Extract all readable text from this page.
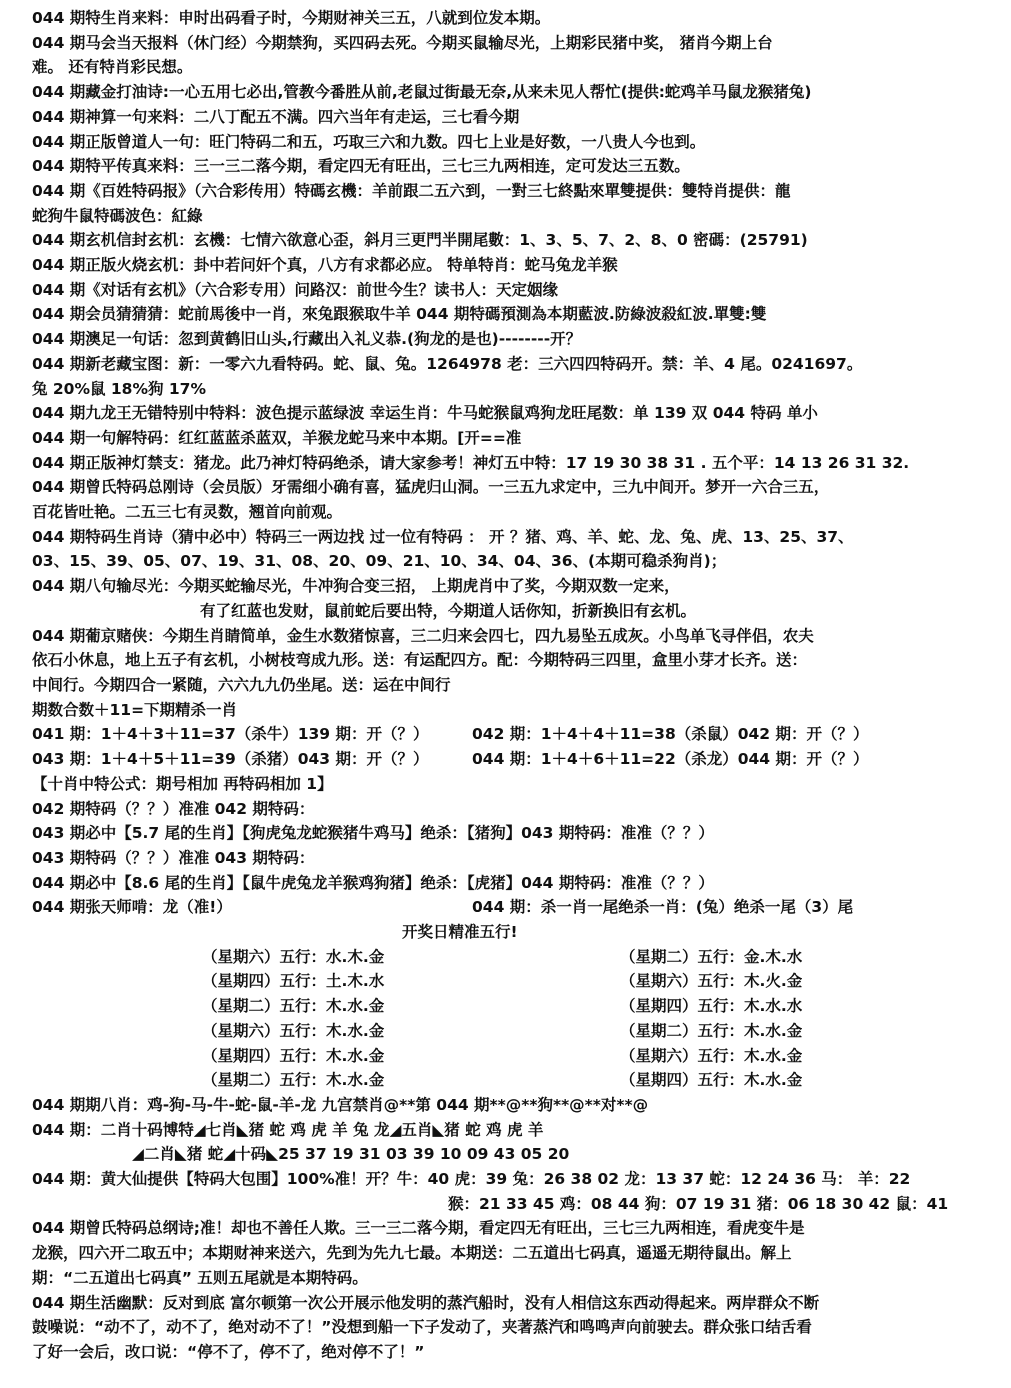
044 期特生肖来料：申时出码看子时，今期财神关三五，八就到位发本期。
044 期马会当天报料（休门经）今期禁狗，买四码去死。今期买鼠输尽光，上期彩民猪中奖， 猪肖今期上台
难。 还有特肖彩民想。
044 期藏金打油诗:一心五用七必出,管教今番胜从前,老鼠过街最无奈,从来未见人帮忙(提供:蛇鸡羊马鼠龙猴猪兔)
044 期神算一句来料：二八丁配五不满。四六当年有走运，三七看今期
044 期正版曾道人一句：旺门特码二和五，巧取三六和九数。四七上业是好数，一八贵人今也到。
044 期特平传真来料：三一三二落今期，看定四无有旺出，三七三九两相连，定可发达三五数。
044 期《百姓特码报》（六合彩传用）特碼玄機：羊前跟二五六到，一對三七終點來單雙提供：雙特肖提供：龍
蛇狗牛鼠特碼波色：紅綠
044 期玄机信封玄机：玄機：七情六欲意心歪，斜月三更門半開尾數：1、3、5、7、2、8、0 密碼：(25791)
044 期正版火烧玄机：卦中若问奸个真，八方有求都必应。 特单特肖：蛇马兔龙羊猴
044 期《对话有玄机》（六合彩专用）问路汉：前世今生？读书人：天定姻缘
044 期会员猜猜猜：蛇前馬後中一肖，來兔跟猴取牛羊 044 期特碼預測為本期藍波.防綠波殺紅波.單雙:雙
044 期澳足一句话：忽到黄鹤旧山头,行藏出入礼义恭.(狗龙的是也)--------开？
044 期新老藏宝图：新：一零六九看特码。蛇、鼠、兔。1264978 老：三六四四特码开。禁：羊、4 尾。0241697。
兔 20%鼠 18%狗 17%
044 期九龙王无错特别中特料：波色提示蓝绿波 幸运生肖：牛马蛇猴鼠鸡狗龙旺尾数：单 139 双 044 特码 单小
044 期一句解特码：红红蓝蓝杀蓝双，羊猴龙蛇马来中本期。[开==准
044 期正版神灯禁支：猪龙。此乃神灯特码绝杀，请大家参考！神灯五中特：17 19 30 38 31 . 五个平：14 13 26 31 32.
044 期曾氏特码总刚诗（会员版）牙需细小确有喜，猛虎归山洞。一三五九求定中，三九中间开。梦开一六合三五，
百花皆吐艳。二五三七有灵数，翘首向前观。
044 期特码生肖诗（猜中必中）特码三一两边找 过一位有特码 ： 开 ？猪、鸡、羊、蛇、龙、兔、虎、13、25、37、
03、15、39、05、07、19、31、08、20、09、21、10、34、04、36、(本期可稳杀狗肖)；
044 期八句输尽光：今期买蛇输尽光，牛冲狗合变三招， 上期虎肖中了奖，今期双数一定来，
有了红蓝也发财，鼠前蛇后要出特，今期道人话你知，折新换旧有玄机。
044 期葡京赌侠：今期生肖睛简单，金生水数猪惊喜，三二归来会四七，四九易坠五成灰。小鸟单飞寻伴侣，农夫
依石小休息，地上五子有玄机，小树枝弯成九形。送：有运配四方。配：今期特码三四里，盒里小芽才长齐。送：
中间行。今期四合一紧随，六六九九仍坐尾。送：运在中间行
期数合数＋11=下期精杀一肖
041 期：1＋4＋3＋11=37（杀牛）139 期：开（？）	042 期：1＋4＋4＋11=38（杀鼠）042 期：开（？）
043 期：1＋4＋5＋11=39（杀猪）043 期：开（？）	044 期：1＋4＋6＋11=22（杀龙）044 期：开（？）
【十肖中特公式：期号相加 再特码相加 1】
042 期特码（？？）准准 042 期特码：
043 期必中【5.7 尾的生肖】【狗虎兔龙蛇猴猪牛鸡马】绝杀：【猪狗】043 期特码：准准（？？）
043 期特码（？？）准准 043 期特码：
044 期必中【8.6 尾的生肖】【鼠牛虎兔龙羊猴鸡狗猪】绝杀：【虎猪】044 期特码：准准（？？）
044 期张天师啃：龙（准!）	044 期：杀一肖一尾绝杀一肖：(兔）绝杀一尾（3）尾
开奖日精准五行!
（星期六）五行：水.木.金	（星期二）五行：金.木.水
（星期四）五行：土.木.水	（星期六）五行：木.火.金
（星期二）五行：木.水.金	（星期四）五行：木.水.水
（星期六）五行：木.水.金	（星期二）五行：木.水.金
（星期四）五行：木.水.金	（星期六）五行：木.水.金
（星期二）五行：木.水.金	（星期四）五行：木.水.金
044 期期八肖：鸡-狗-马-牛-蛇-鼠-羊-龙 九宫禁肖@**第 044 期**@**狗**@**对**@
044 期：二肖十码博特◢七肖◣猪 蛇 鸡 虎 羊 兔 龙◢五肖◣猪 蛇 鸡 虎 羊
◢二肖◣猪 蛇◢十码◣25 37 19 31 03 39 10 09 43 05 20
044 期：黄大仙提供【特码大包围】100%准！开？牛：40 虎：39 兔：26 38 02 龙：13 37 蛇：12 24 36 马： 羊：22
猴：21 33 45 鸡：08 44 狗：07 19 31 猪：06 18 30 42 鼠：41
044 期曾氏特码总纲诗;准！却也不善任人欺。三一三二落今期，看定四无有旺出，三七三九两相连，看虎变牛是
龙猴，四六开二取五中；本期财神来送六，先到为先九七最。本期送：二五道出七码真，遥遥无期待鼠出。解上
期：“二五道出七码真” 五则五尾就是本期特码。
044 期生活幽默：反对到底 富尔顿第一次公开展示他发明的蒸汽船时，没有人相信这东西动得起来。两岸群众不断
鼓噪说：“动不了，动不了，绝对动不了！”没想到船一下子发动了，夹著蒸汽和鸣鸣声向前驶去。群众张口结舌看
了好一会后，改口说：“停不了，停不了，绝对停不了！”
